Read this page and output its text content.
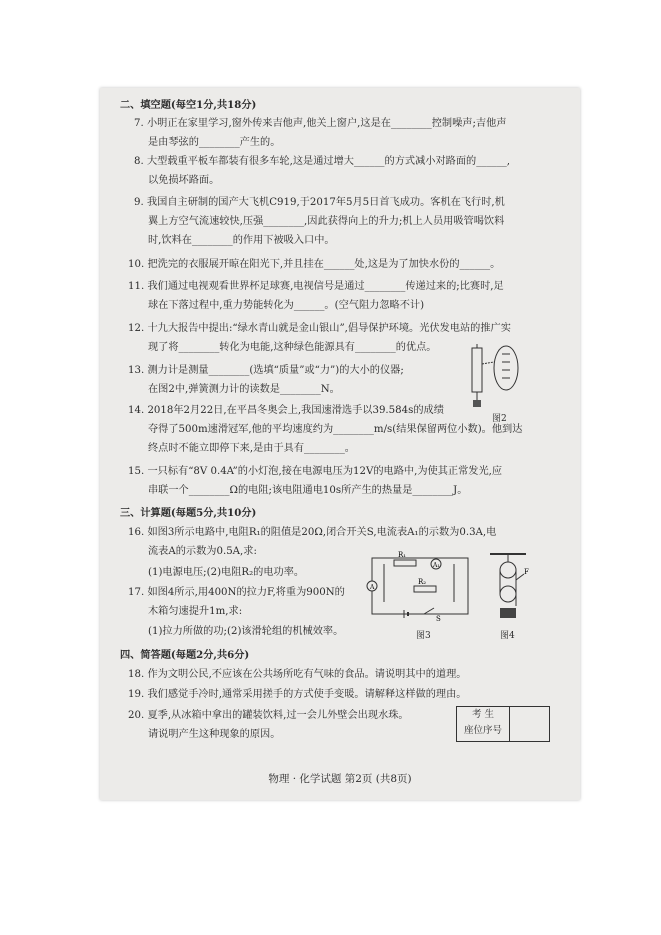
二、填空题(每空1分,共18分)
7. 小明正在家里学习,窗外传来吉他声,他关上窗户,这是在________控制噪声;吉他声
是由琴弦的________产生的。
8. 大型载重平板车都装有很多车轮,这是通过增大______的方式减小对路面的______,
以免损坏路面。
9. 我国自主研制的国产大飞机C919,于2017年5月5日首飞成功。客机在飞行时,机
翼上方空气流速较快,压强________,因此获得向上的升力;机上人员用吸管喝饮料
时,饮料在________的作用下被吸入口中。
10. 把洗完的衣服展开晾在阳光下,并且挂在______处,这是为了加快水份的______。
11. 我们通过电视观看世界杯足球赛,电视信号是通过________传递过来的;比赛时,足
球在下落过程中,重力势能转化为______。(空气阻力忽略不计)
12. 十九大报告中提出:“绿水青山就是金山银山”,倡导保护环境。光伏发电站的推广实
现了将________转化为电能,这种绿色能源具有________的优点。
13. 测力计是测量________(选填“质量”或“力”)的大小的仪器;
在图2中,弹簧测力计的读数是________N。
14. 2018年2月22日,在平昌冬奥会上,我国速滑选手以39.584s的成绩
夺得了500m速滑冠军,他的平均速度约为________m/s(结果保留两位小数)。他到达
终点时不能立即停下来,是由于具有________。
15. 一只标有“8V 0.4A”的小灯泡,接在电源电压为12V的电路中,为使其正常发光,应
串联一个________Ω的电阻;该电阻通电10s所产生的热量是________J。
三、计算题(每题5分,共10分)
16. 如图3所示电路中,电阻R₁的阻值是20Ω,闭合开关S,电流表A₁的示数为0.3A,电
流表A的示数为0.5A,求:
(1)电源电压;(2)电阻R₂的电功率。
17. 如图4所示,用400N的拉力F,将重为900N的
木箱匀速提升1m,求:
(1)拉力所做的功;(2)该滑轮组的机械效率。
四、简答题(每题2分,共6分)
18. 作为文明公民,不应该在公共场所吃有气味的食品。请说明其中的道理。
19. 我们感觉手冷时,通常采用搓手的方式使手变暖。请解释这样做的理由。
20. 夏季,从冰箱中拿出的罐装饮料,过一会儿外壁会出现水珠。
请说明产生这种现象的原因。
图2
R₁
A₁
R₂
A
S
图3
F
图4
考 生
座位序号
物理 · 化学试题 第2页 (共8页)
